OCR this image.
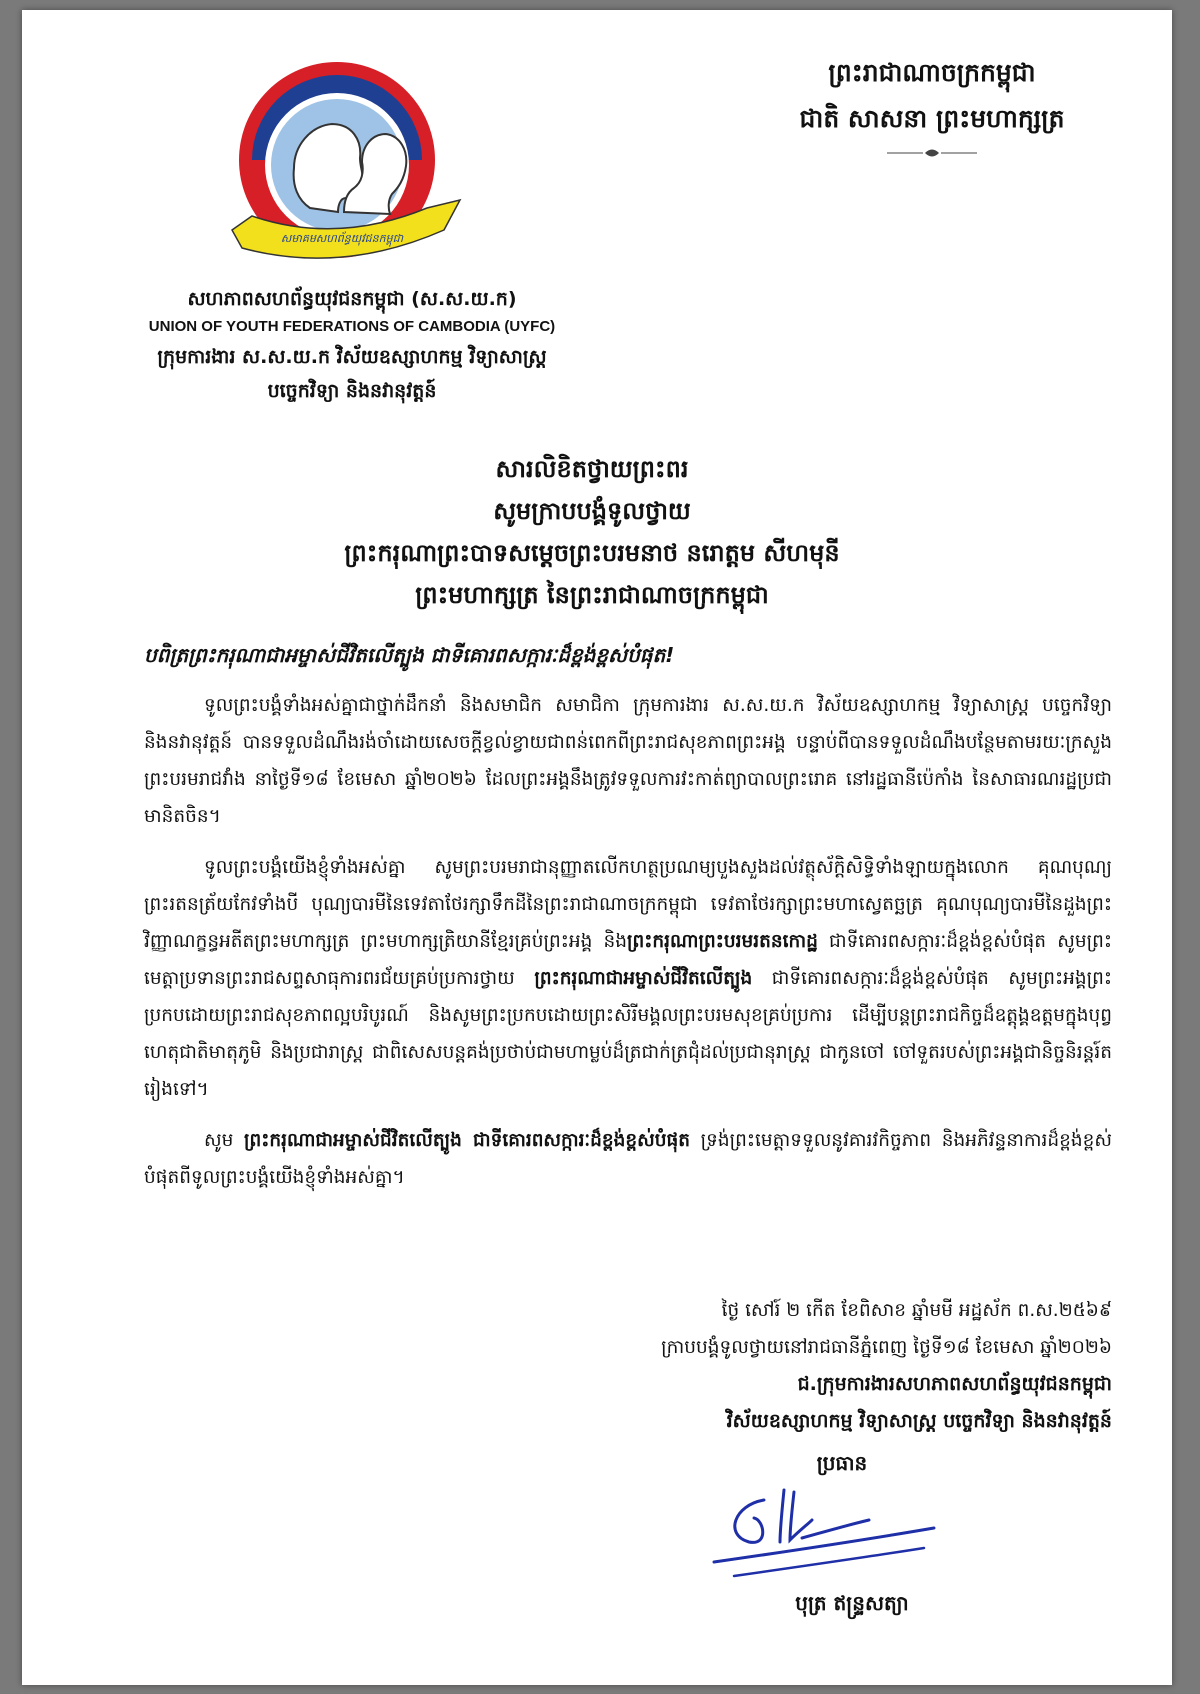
សមាគមសហព័ន្ធយុវជនកម្ពុជា
ព្រះរាជាណាចក្រកម្ពុជា
ជាតិ សាសនា ព្រះមហាក្សត្រ
សហភាពសហព័ន្ធយុវជនកម្ពុជា (ស.ស.យ.ក)
UNION OF YOUTH FEDERATIONS OF CAMBODIA (UYFC)
ក្រុមការងារ ស.ស.យ.ក វិស័យឧស្សាហកម្ម វិទ្យាសាស្ត្រ
បច្ចេកវិទ្យា និងនវានុវត្តន៍
សារលិខិតថ្វាយព្រះពរ
សូមក្រាបបង្គំទូលថ្វាយ
ព្រះករុណាព្រះបាទសម្ដេចព្រះបរមនាថ នរោត្តម សីហមុនី
ព្រះមហាក្សត្រ នៃព្រះរាជាណាចក្រកម្ពុជា
បពិត្រព្រះករុណាជាអម្ចាស់ជីវិតលើត្បូង ជាទីគោរពសក្ការៈដ៏ខ្ពង់ខ្ពស់បំផុត!

ទូលព្រះបង្គំទាំងអស់គ្នាជាថ្នាក់ដឹកនាំ និងសមាជិក សមាជិកា ក្រុមការងារ ស.ស.យ.ក វិស័យឧស្សាហកម្ម វិទ្យាសាស្ត្រ បច្ចេកវិទ្យា និងនវានុវត្តន៍ បានទទួលដំណឹងរង់ចាំដោយសេចក្ដីខ្វល់ខ្វាយជាពន់ពេកពីព្រះរាជសុខភាពព្រះអង្គ បន្ទាប់ពីបានទទួលដំណឹងបន្ថែមតាមរយៈក្រសួងព្រះបរមរាជវាំង នាថ្ងៃទី១៨ ខែមេសា ឆ្នាំ២០២៦ ដែលព្រះអង្គនឹងត្រូវទទួលការវះកាត់ព្យាបាលព្រះរោគ នៅរដ្ឋធានីប៉េកាំង នៃសាធារណរដ្ឋប្រជាមានិតចិន។

ទូលព្រះបង្គំយើងខ្ញុំទាំងអស់គ្នា សូមព្រះបរមរាជានុញ្ញាតលើកហត្ថប្រណម្យបួងសួងដល់វត្ថុស័ក្តិសិទ្ធិទាំងឡាយក្នុងលោក គុណបុណ្យព្រះរតនត្រ័យកែវទាំងបី បុណ្យបារមីនៃទេវតាថែរក្សាទឹកដីនៃព្រះរាជាណាចក្រកម្ពុជា ទេវតាថែរក្សាព្រះមហាស្វេតច្ឆត្រ គុណបុណ្យបារមីនៃដួងព្រះវិញ្ញាណក្ខន្ធអតីតព្រះមហាក្សត្រ ព្រះមហាក្សត្រិយានីខ្មែរគ្រប់ព្រះអង្គ និងព្រះករុណាព្រះបរមរតនកោដ្ឋ ជាទីគោរពសក្ការៈដ៏ខ្ពង់ខ្ពស់បំផុត សូមព្រះមេត្តាប្រទានព្រះរាជសព្ទសាធុការពរជ័យគ្រប់ប្រការថ្វាយ ព្រះករុណាជាអម្ចាស់ជីវិតលើត្បូង ជាទីគោរពសក្ការៈដ៏ខ្ពង់ខ្ពស់បំផុត សូមព្រះអង្គព្រះប្រកបដោយព្រះរាជសុខភាពល្អបរិបូរណ៍ និងសូមព្រះប្រកបដោយព្រះសិរីមង្គលព្រះបរមសុខគ្រប់ប្រការ ដើម្បីបន្តព្រះរាជកិច្ចដ៏ឧត្តុង្គឧត្តមក្នុងបុព្វហេតុជាតិមាតុភូមិ និងប្រជារាស្ត្រ ជាពិសេសបន្តគង់ប្រថាប់ជាមហាម្លប់ដ៏ត្រជាក់ត្រជុំដល់ប្រជានុរាស្ត្រ ជាកូនចៅ ចៅទួតរបស់ព្រះអង្គជានិច្ចនិរន្តរ៍តរៀងទៅ។

សូម ព្រះករុណាជាអម្ចាស់ជីវិតលើត្បូង ជាទីគោរពសក្ការៈដ៏ខ្ពង់ខ្ពស់បំផុត ទ្រង់ព្រះមេត្តាទទួលនូវគារវកិច្ចភាព និងអភិវន្ទនាការដ៏ខ្ពង់ខ្ពស់បំផុតពីទូលព្រះបង្គំយើងខ្ញុំទាំងអស់គ្នា។

ថ្ងៃ សៅរ៍ ២ កើត ខែពិសាខ ឆ្នាំមមី អដ្ឋស័ក ព.ស.២៥៦៩
ក្រាបបង្គំទូលថ្វាយនៅរាជធានីភ្នំពេញ ថ្ងៃទី១៨ ខែមេសា ឆ្នាំ២០២៦
ជ.ក្រុមការងារសហភាពសហព័ន្ធយុវជនកម្ពុជា
វិស័យឧស្សាហកម្ម វិទ្យាសាស្ត្រ បច្ចេកវិទ្យា និងនវានុវត្តន៍
ប្រធាន
បុត្រ ឥន្ទ្រសត្យា
